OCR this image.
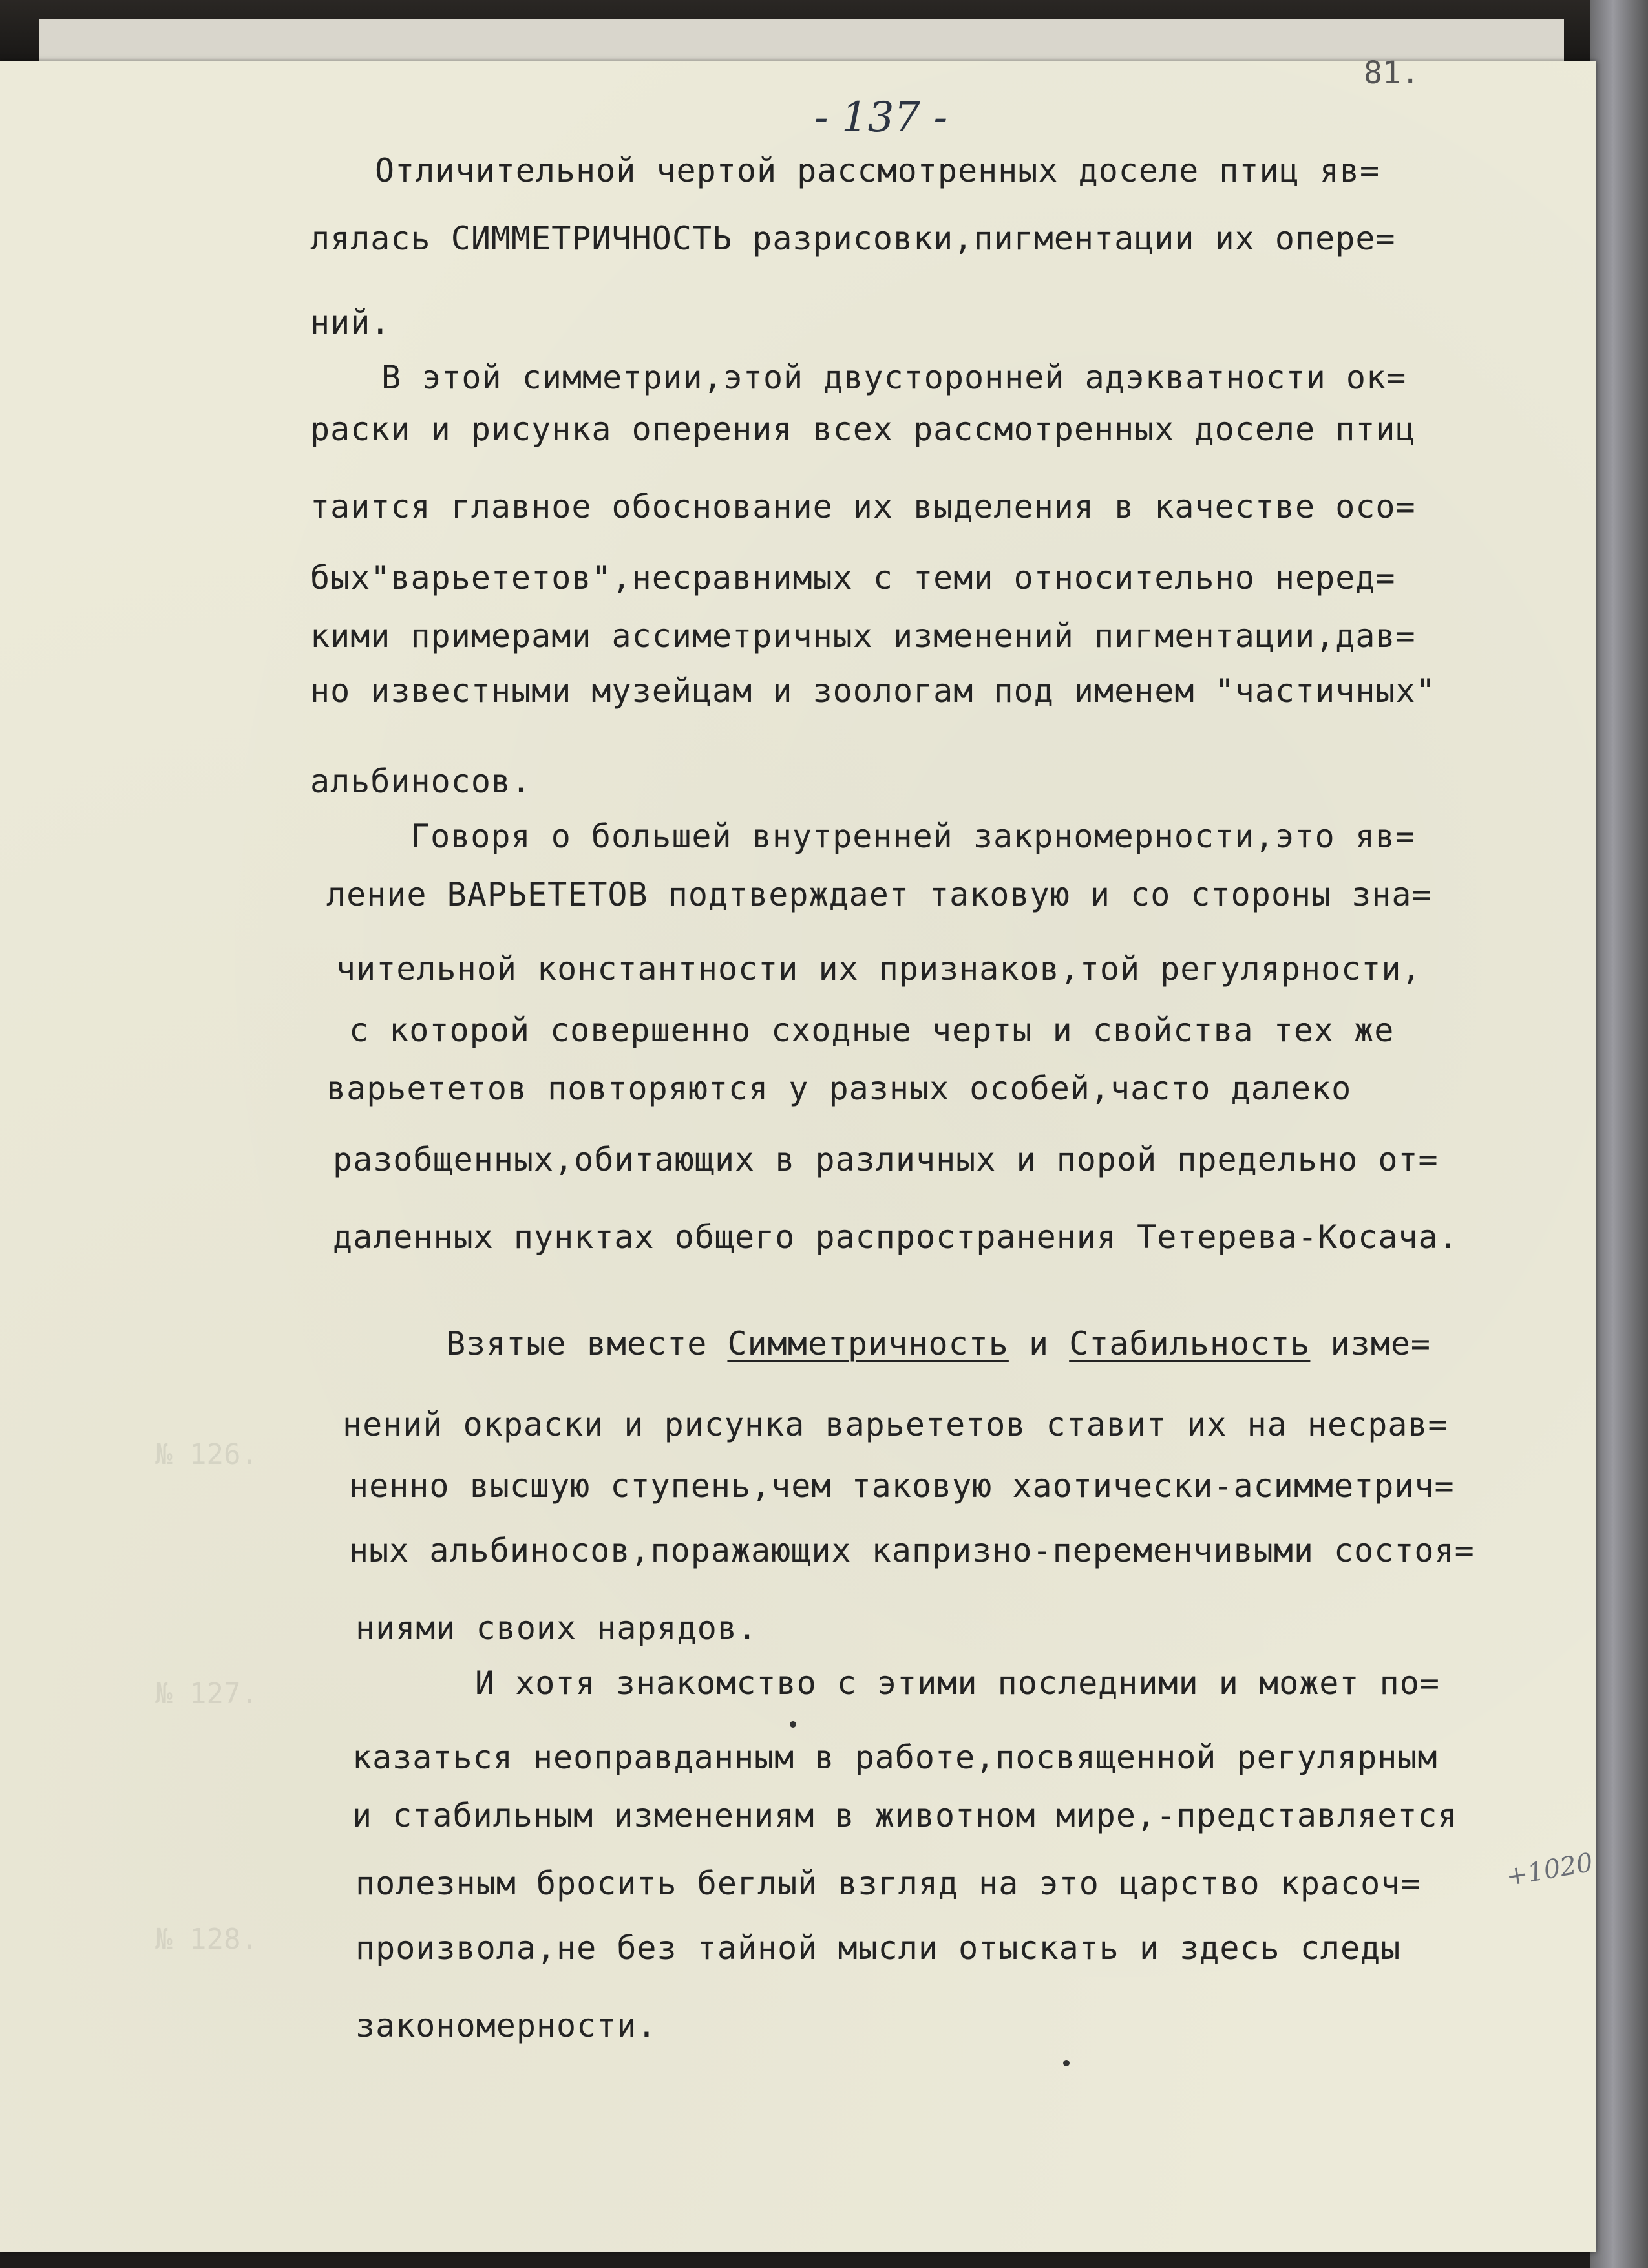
- 137 -
81.
№ 126.
№ 127.
№ 128.
Отличительной чертой рассмотренных доселе птиц яв=
лялась СИММЕТРИЧНОСТЬ разрисовки,пигментации их опере=
ний.
В этой симметрии,этой двусторонней адэкватности ок=
раски и рисунка оперения всех рассмотренных доселе птиц
таится главное обоснование их выделения в качестве осо=
бых"варьететов",несравнимых с теми относительно неред=
кими примерами ассиметричных изменений пигментации,дав=
но известными музейцам и зоологам под именем "частичных"
альбиносов.
Говоря о большей внутренней закрномерности,это яв=
ление ВАРЬЕТЕТОВ подтверждает таковую и со стороны зна=
чительной константности их признаков,той регулярности,
с которой совершенно сходные черты и свойства тех же
варьететов повторяются у разных особей,часто далеко
разобщенных,обитающих в различных и порой предельно от=
даленных пунктах общего распространения Тетерева-Косача.
Взятые вместе Симметричность и Стабильность изме=
нений окраски и рисунка варьететов ставит их на несрав=
ненно высшую ступень,чем таковую хаотически-асимметрич=
ных альбиносов,поражающих капризно-переменчивыми состоя=
ниями своих нарядов.
И хотя знакомство с этими последними и может по=
казаться неоправданным в работе,посвященной регулярным
и стабильным изменениям в животном мире,-представляется
полезным бросить беглый взгляд на это царство красоч=
произвола,не без тайной мысли отыскать и здесь следы
закономерности.
+1020
